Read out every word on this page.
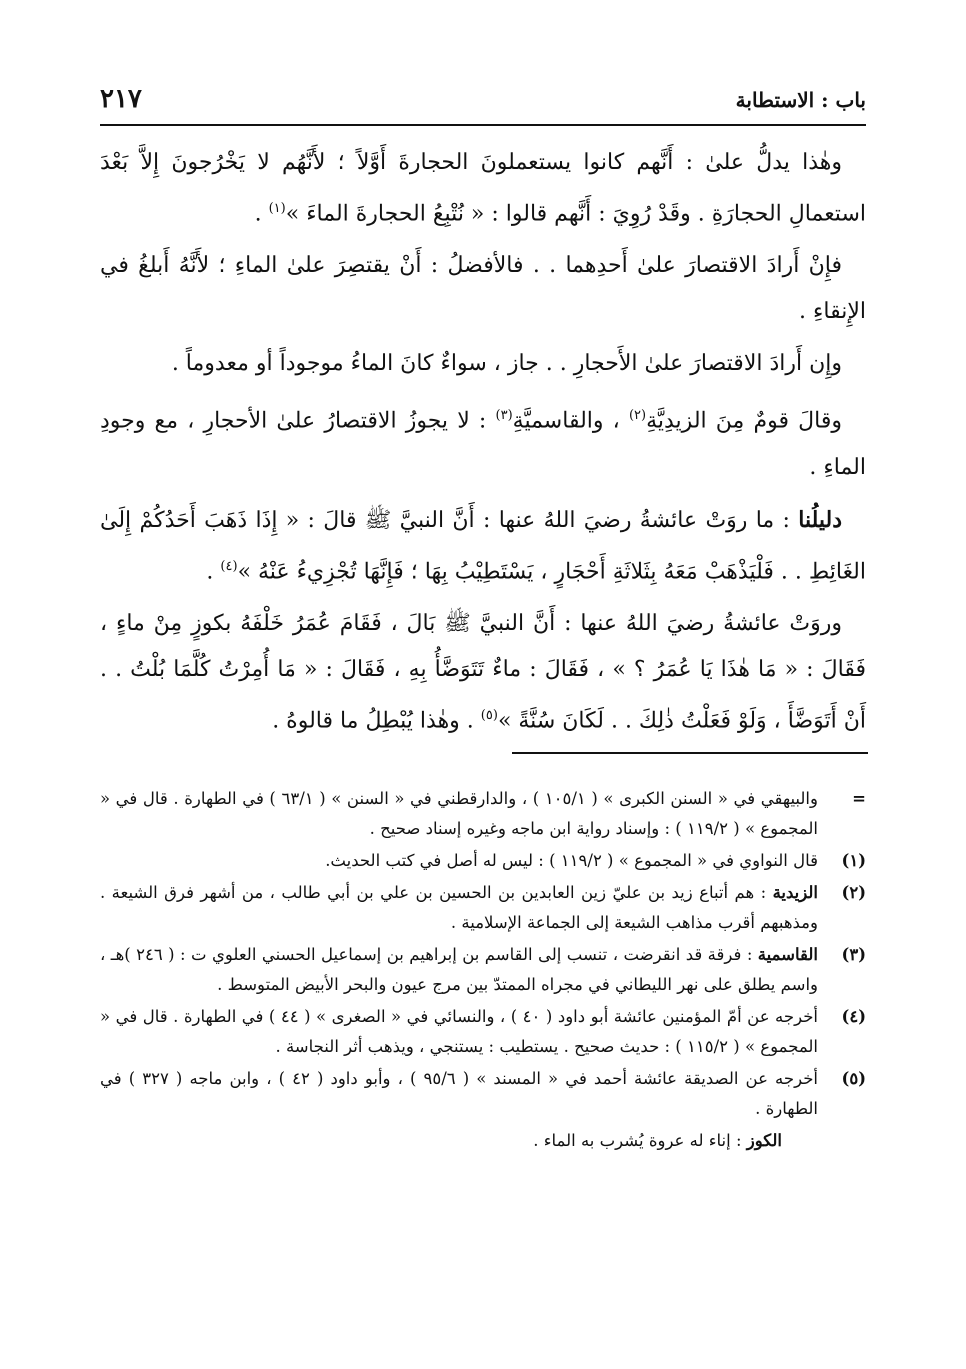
باب : الاستطابة
٢١٧

وهٰذا يدلُّ علىٰ : أَنَّهم كانوا يستعملونَ الحجارةَ أَوَّلاً ؛ لأَنَّهُم لا يَخْرُجونَ إِلاَّ بَعْدَ استعمالِ الحجارَةِ . وقَدْ رُوِيَ : أَنَّهم قالوا : « نُتْبِعُ الحجارةَ الماءَ »$^{(١)}$ .

فإِنْ أَرادَ الاقتصارَ علىٰ أَحدِهما . . فالأفضلُ : أَنْ يقتصِرَ علىٰ الماءِ ؛ لأَنَّهُ أَبلغُ في الإِنقاءِ .

وإِن أَرادَ الاقتصارَ علىٰ الأَحجارِ . . جاز ، سواءٌ كانَ الماءُ موجوداً أو معدوماً .

وقالَ قومٌ مِنَ الزيدِيَّةِ$^{(٢)}$ ، والقاسميَّةِ$^{(٣)}$ : لا يجوزُ الاقتصارُ علىٰ الأحجارِ ، مع وجودِ الماءِ .

دليلُنا : ما روَتْ عائشةُ رضيَ اللهُ عنها : أَنَّ النبيَّ ﷺ قالَ : « إِذَا ذَهَبَ أَحَدُكُمْ إِلَىٰ الغَائِطِ . . فَلْيَذْهَبْ مَعَهُ بِثَلاثَةِ أَحْجَارٍ ، يَسْتَطِيْبُ بِهَا ؛ فَإِنَّهَا تُجْزِيءُ عَنْهُ »$^{(٤)}$ .

وروَتْ عائشةُ رضيَ اللهُ عنها : أَنَّ النبيَّ ﷺ بَالَ ، فَقَامَ عُمَرُ خَلْفَهُ بكوزٍ مِنْ ماءٍ ، فَقَالَ : « مَا هٰذَا يَا عُمَرُ ؟ » ، فَقَالَ : ماءٌ تَتَوَضَّأُ بِهِ ، فَقَالَ : « مَا أُمِرْتُ كُلَّمَا بُلْتُ . . أَنْ أَتَوَضَّأَ ، وَلَوْ فَعَلْتُ ذٰلِكَ . . لَكَانَ سُنَّةً »$^{(٥)}$ . وهٰذا يُبْطِلُ ما قالوهُ .

=
والبيهقي في « السنن الكبرى » ( ١٠٥/١ ) ، والدارقطني في « السنن » ( ٦٣/١ ) في الطهارة . قال في « المجموع » ( ١١٩/٢ ) : وإسناد رواية ابن ماجه وغيره إسناد صحيح .
(١)
قال النواوي في « المجموع » ( ١١٩/٢ ) : ليس له أصل في كتب الحديث.
(٢)
الزيدية : هم أتباع زيد بن عليّ زين العابدين بن الحسين بن علي بن أبي طالب ، من أشهر فرق الشيعة . ومذهبهم أقرب مذاهب الشيعة إلى الجماعة الإسلامية .
(٣)
القاسمية : فرقة قد انقرضت ، تنسب إلى القاسم بن إبراهيم بن إسماعيل الحسني العلوي ت : ( ٢٤٦ )هـ ، واسم يطلق على نهر الليطاني في مجراه الممتدّ بين مرج عيون والبحر الأبيض المتوسط .
(٤)
أخرجه عن أمّ المؤمنين عائشة أبو داود ( ٤٠ ) ، والنسائي في « الصغرى » ( ٤٤ ) في الطهارة . قال في « المجموع » ( ١١٥/٢ ) : حديث صحيح . يستطيب : يستنجي ، ويذهب أثر النجاسة .
(٥)
أخرجه عن الصديقة عائشة أحمد في « المسند » ( ٩٥/٦ ) ، وأبو داود ( ٤٢ ) ، وابن ماجه ( ٣٢٧ ) في الطهارة .
الكوز : إناء له عروة يُشرب به الماء .
